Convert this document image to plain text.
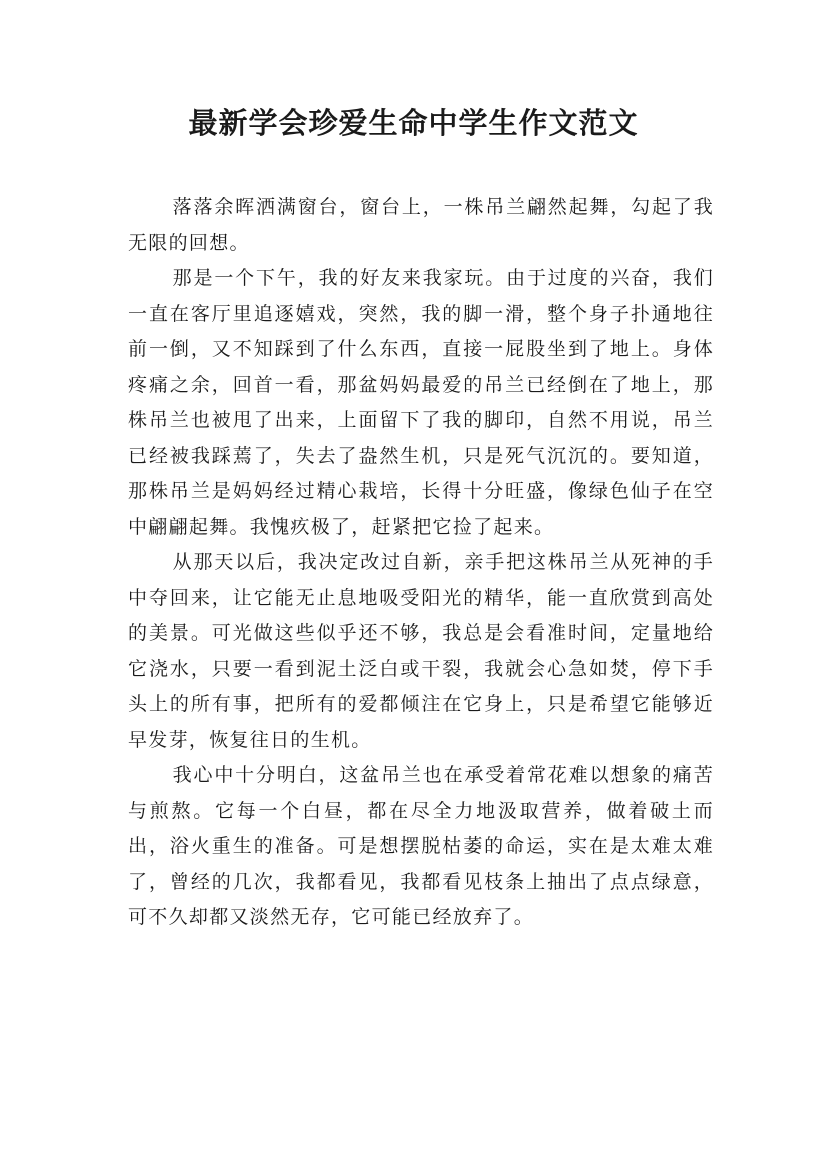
最新学会珍爱生命中学生作文范文

落落余晖洒满窗台，窗台上，一株吊兰翩然起舞，勾起了我无限的回想。

那是一个下午，我的好友来我家玩。由于过度的兴奋，我们一直在客厅里追逐嬉戏，突然，我的脚一滑，整个身子扑通地往前一倒，又不知踩到了什么东西，直接一屁股坐到了地上。身体疼痛之余，回首一看，那盆妈妈最爱的吊兰已经倒在了地上，那株吊兰也被甩了出来，上面留下了我的脚印，自然不用说，吊兰已经被我踩蔫了，失去了盎然生机，只是死气沉沉的。要知道，那株吊兰是妈妈经过精心栽培，长得十分旺盛，像绿色仙子在空中翩翩起舞。我愧疚极了，赶紧把它捡了起来。

从那天以后，我决定改过自新，亲手把这株吊兰从死神的手中夺回来，让它能无止息地吸受阳光的精华，能一直欣赏到高处的美景。可光做这些似乎还不够，我总是会看准时间，定量地给它浇水，只要一看到泥土泛白或干裂，我就会心急如焚，停下手头上的所有事，把所有的爱都倾注在它身上，只是希望它能够近早发芽，恢复往日的生机。

我心中十分明白，这盆吊兰也在承受着常花难以想象的痛苦与煎熬。它每一个白昼，都在尽全力地汲取营养，做着破土而出，浴火重生的准备。可是想摆脱枯萎的命运，实在是太难太难了，曾经的几次，我都看见，我都看见枝条上抽出了点点绿意，可不久却都又淡然无存，它可能已经放弃了。
